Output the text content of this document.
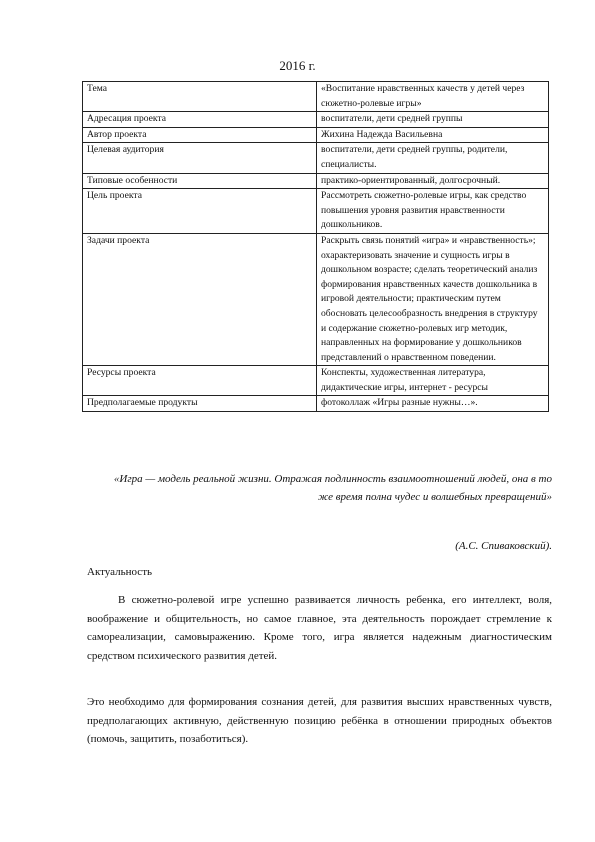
2016 г.
Тема	«Воспитание нравственных качеств у детей через сюжетно-ролевые игры»
Адресация проекта	воспитатели, дети средней группы
Автор проекта	Жихина Надежда Васильевна
Целевая аудитория	воспитатели, дети средней группы, родители, специалисты.
Типовые особенности	практико-ориентированный, долгосрочный.
Цель проекта	Рассмотреть сюжетно-ролевые игры, как средство повышения уровня развития нравственности дошкольников.
Задачи проекта	Раскрыть связь понятий «игра» и «нравственность»; охарактеризовать значение и сущность игры в дошкольном возрасте; сделать теоретический анализ формирования нравственных качеств дошкольника в игровой деятельности; практическим путем обосновать целесообразность внедрения в структуру и содержание сюжетно-ролевых игр методик, направленных на формирование у дошкольников представлений о нравственном поведении.
Ресурсы проекта	Конспекты, художественная литература, дидактические игры, интернет - ресурсы
Предполагаемые продукты	фотоколлаж «Игры разные нужны…».
«Игра — модель реальной жизни. Отражая подлинность взаимоотношений людей, она в то же время полна чудес и волшебных превращений»
(А.С. Спиваковский).
Актуальность
В сюжетно-ролевой игре успешно развивается личность ребенка, его интеллект, воля, воображение и общительность, но самое главное, эта деятельность порождает стремление к самореализации, самовыражению. Кроме того, игра является надежным диагностическим средством психического развития детей.
Это необходимо для формирования сознания детей, для развития высших нравственных чувств, предполагающих активную, действенную позицию ребёнка в отношении природных объектов (помочь, защитить, позаботиться).
